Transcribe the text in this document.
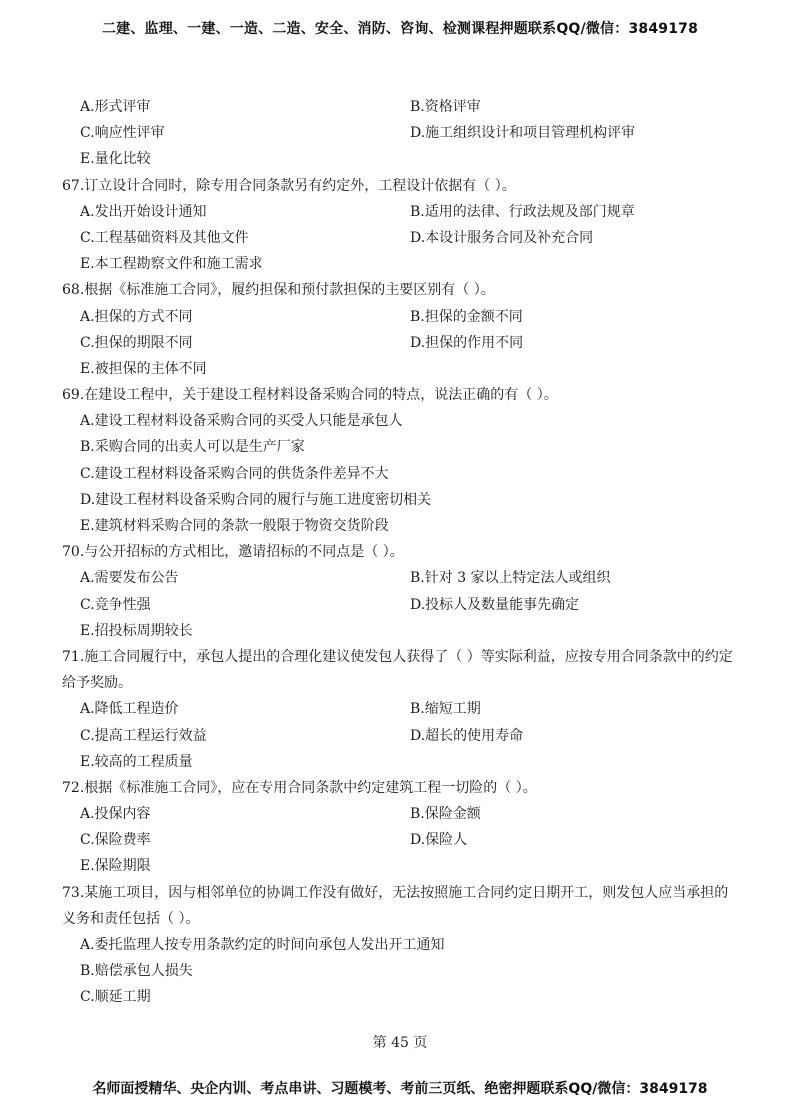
二建、监理、一建、一造、二造、安全、消防、咨询、检测课程押题联系QQ/微信：3849178
A.形式评审	B.资格评审
C.响应性评审	D.施工组织设计和项目管理机构评审
E.量化比较
67.订立设计合同时，除专用合同条款另有约定外，工程设计依据有（ ）。
A.发出开始设计通知	B.适用的法律、行政法规及部门规章
C.工程基础资料及其他文件	D.本设计服务合同及补充合同
E.本工程勘察文件和施工需求
68.根据《标准施工合同》，履约担保和预付款担保的主要区别有（ ）。
A.担保的方式不同	B.担保的金额不同
C.担保的期限不同	D.担保的作用不同
E.被担保的主体不同
69.在建设工程中，关于建设工程材料设备采购合同的特点，说法正确的有（ ）。
A.建设工程材料设备采购合同的买受人只能是承包人
B.采购合同的出卖人可以是生产厂家
C.建设工程材料设备采购合同的供货条件差异不大
D.建设工程材料设备采购合同的履行与施工进度密切相关
E.建筑材料采购合同的条款一般限于物资交货阶段
70.与公开招标的方式相比，邀请招标的不同点是（ ）。
A.需要发布公告	B.针对 3 家以上特定法人或组织
C.竞争性强	D.投标人及数量能事先确定
E.招投标周期较长
71.施工合同履行中，承包人提出的合理化建议使发包人获得了（ ）等实际利益，应按专用合同条款中的约定给予奖励。
A.降低工程造价	B.缩短工期
C.提高工程运行效益	D.超长的使用寿命
E.较高的工程质量
72.根据《标准施工合同》，应在专用合同条款中约定建筑工程一切险的（ ）。
A.投保内容	B.保险金额
C.保险费率	D.保险人
E.保险期限
73.某施工项目，因与相邻单位的协调工作没有做好，无法按照施工合同约定日期开工，则发包人应当承担的义务和责任包括（ ）。
A.委托监理人按专用条款约定的时间向承包人发出开工通知
B.赔偿承包人损失
C.顺延工期
第 45 页
名师面授精华、央企内训、考点串讲、习题模考、考前三页纸、绝密押题联系QQ/微信：3849178
